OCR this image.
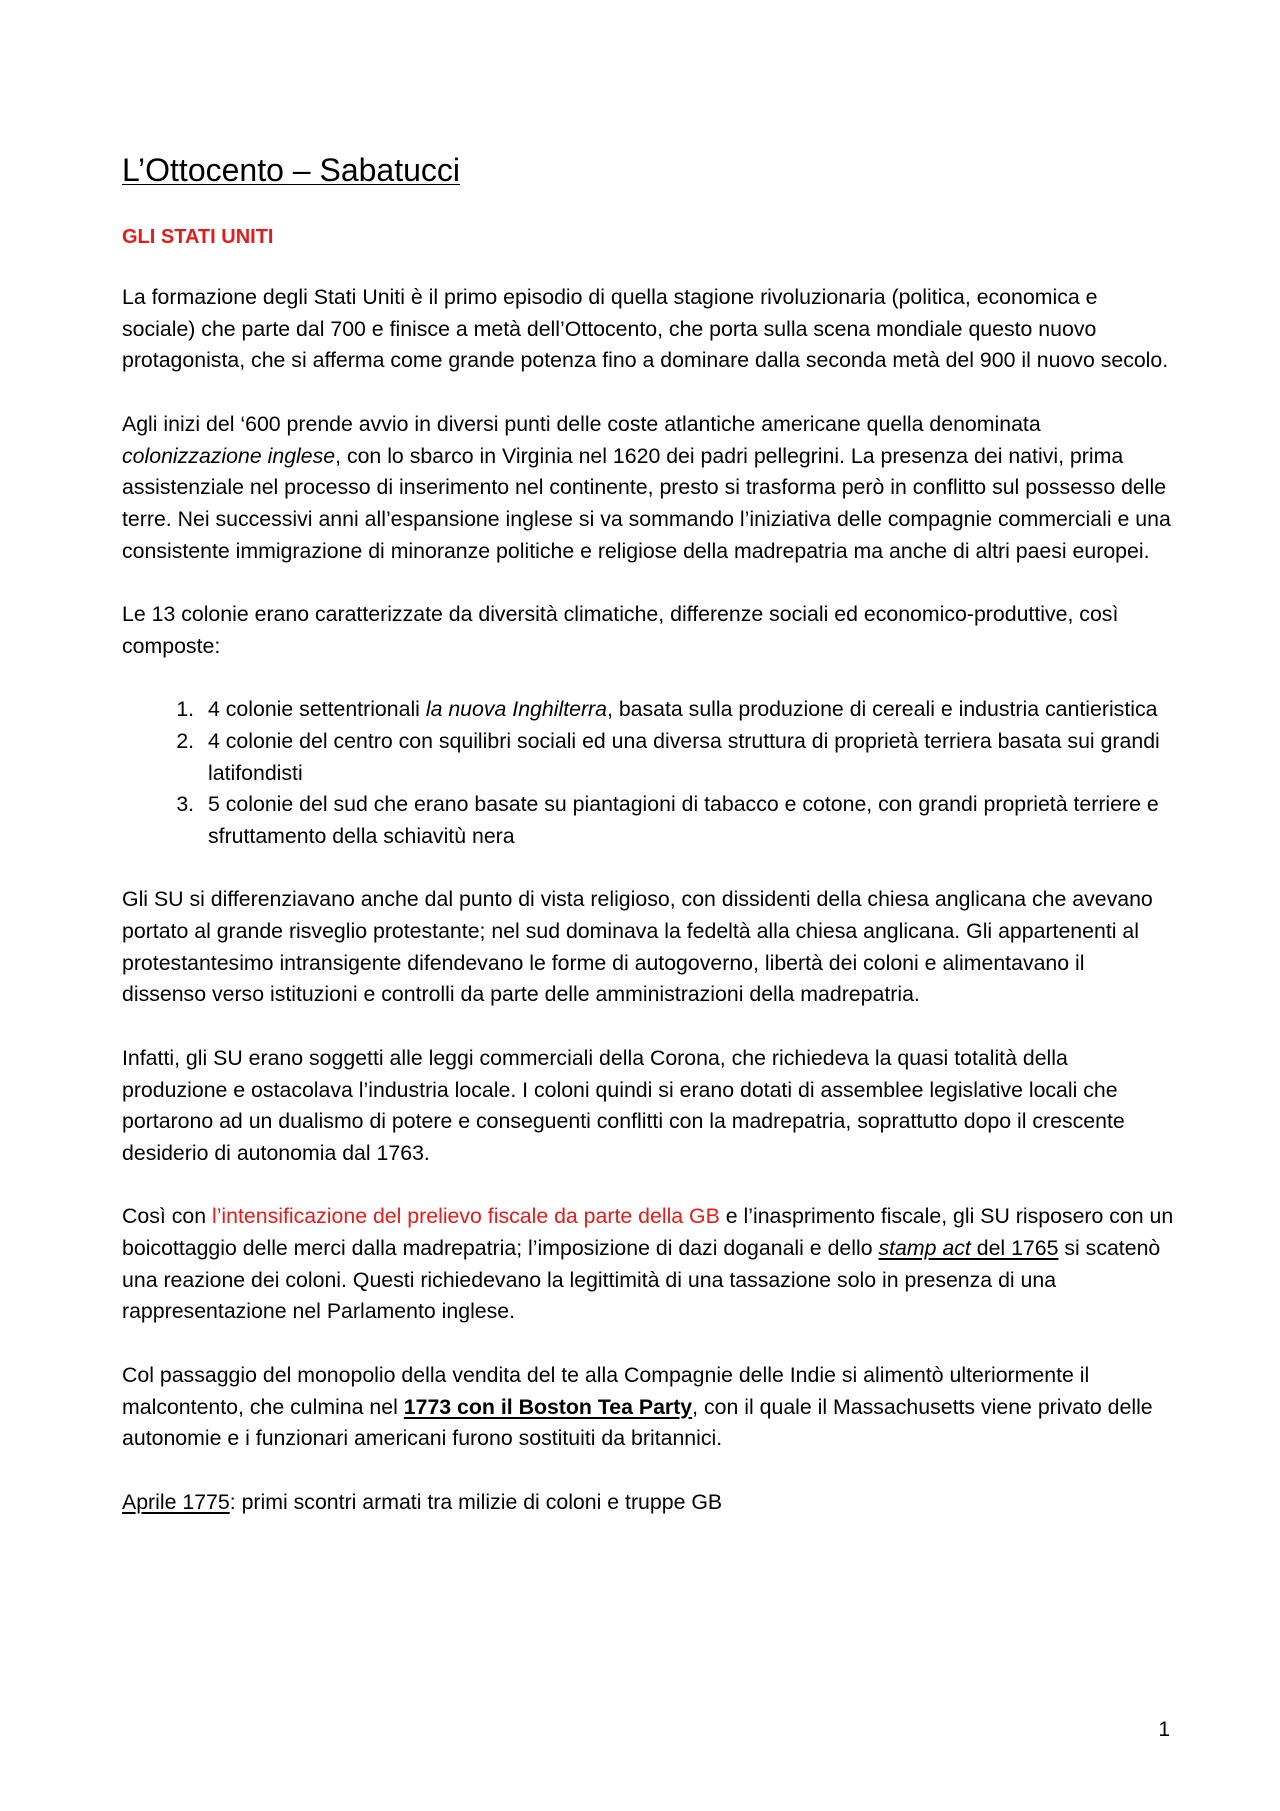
L’Ottocento – Sabatucci
GLI STATI UNITI

La formazione degli Stati Uniti è il primo episodio di quella stagione rivoluzionaria (politica, economica e sociale) che parte dal 700 e finisce a metà dell’Ottocento, che porta sulla scena mondiale questo nuovo protagonista, che si afferma come grande potenza fino a dominare dalla seconda metà del 900 il nuovo secolo.

Agli inizi del ‘600 prende avvio in diversi punti delle coste atlantiche americane quella denominata colonizzazione inglese, con lo sbarco in Virginia nel 1620 dei padri pellegrini. La presenza dei nativi, prima assistenziale nel processo di inserimento nel continente, presto si trasforma però in conflitto sul possesso delle terre. Nei successivi anni all’espansione inglese si va sommando l’iniziativa delle compagnie commerciali e una consistente immigrazione di minoranze politiche e religiose della madrepatria ma anche di altri paesi europei.

Le 13 colonie erano caratterizzate da diversità climatiche, differenze sociali ed economico-produttive, così composte:

1. 4 colonie settentrionali la nuova Inghilterra, basata sulla produzione di cereali e industria cantieristica
2. 4 colonie del centro con squilibri sociali ed una diversa struttura di proprietà terriera basata sui grandi latifondisti
3. 5 colonie del sud che erano basate su piantagioni di tabacco e cotone, con grandi proprietà terriere e sfruttamento della schiavitù nera

Gli SU si differenziavano anche dal punto di vista religioso, con dissidenti della chiesa anglicana che avevano portato al grande risveglio protestante; nel sud dominava la fedeltà alla chiesa anglicana. Gli appartenenti al protestantesimo intransigente difendevano le forme di autogoverno, libertà dei coloni e alimentavano il dissenso verso istituzioni e controlli da parte delle amministrazioni della madrepatria.

Infatti, gli SU erano soggetti alle leggi commerciali della Corona, che richiedeva la quasi totalità della produzione e ostacolava l’industria locale. I coloni quindi si erano dotati di assemblee legislative locali che portarono ad un dualismo di potere e conseguenti conflitti con la madrepatria, soprattutto dopo il crescente desiderio di autonomia dal 1763.

Così con l’intensificazione del prelievo fiscale da parte della GB e l’inasprimento fiscale, gli SU risposero con un boicottaggio delle merci dalla madrepatria; l’imposizione di dazi doganali e dello stamp act del 1765 si scatenò una reazione dei coloni. Questi richiedevano la legittimità di una tassazione solo in presenza di una rappresentazione nel Parlamento inglese.

Col passaggio del monopolio della vendita del te alla Compagnie delle Indie si alimentò ulteriormente il malcontento, che culmina nel 1773 con il Boston Tea Party, con il quale il Massachusetts viene privato delle autonomie e i funzionari americani furono sostituiti da britannici.

Aprile 1775: primi scontri armati tra milizie di coloni e truppe GB

1
